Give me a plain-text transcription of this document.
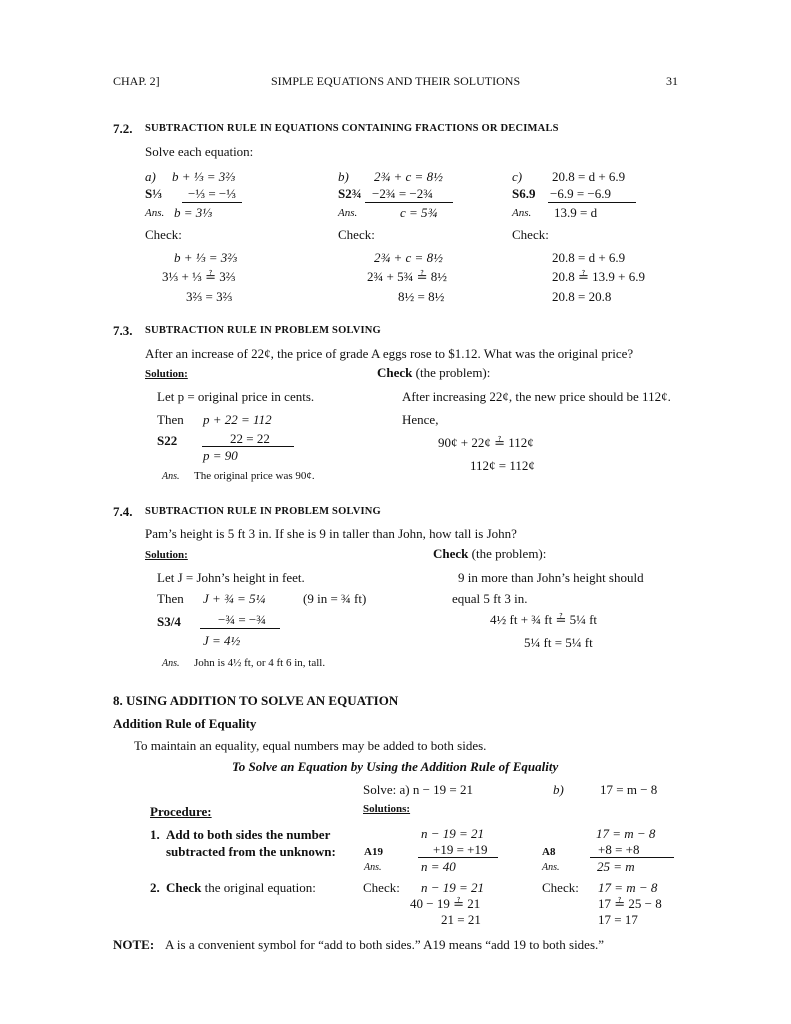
CHAP. 2]	SIMPLE EQUATIONS AND THEIR SOLUTIONS	31
7.2. SUBTRACTION RULE IN EQUATIONS CONTAINING FRACTIONS OR DECIMALS
Solve each equation:
a) b + ⅓ = 3⅔
S⅓ −⅓ = −⅓
Ans. b = 3⅓
Check:
b + ⅓ = 3⅔
3⅓ + ⅓ ≟ 3⅔
3⅔ = 3⅔
b) 2¾ + c = 8½
S2¾ −2¾ = −2¾
Ans.	c = 5¾
Check:
2¾ + c = 8½
2¾ + 5¾ ≟ 8½
8½ = 8½
c) 20.8 = d + 6.9
S6.9 −6.9 = −6.9
Ans. 13.9 = d
Check:
20.8 = d + 6.9
20.8 ≟ 13.9 + 6.9
20.8 = 20.8
7.3. SUBTRACTION RULE IN PROBLEM SOLVING
After an increase of 22¢, the price of grade A eggs rose to $1.12. What was the original price?
Solution:	Check (the problem):
Let p = original price in cents.
Then p + 22 = 112
S22	22 = 22
p = 90
Ans. The original price was 90¢.
After increasing 22¢, the new price should be 112¢.
Hence,
90¢ + 22¢ ≟ 112¢
112¢ = 112¢
7.4. SUBTRACTION RULE IN PROBLEM SOLVING
Pam’s height is 5 ft 3 in. If she is 9 in taller than John, how tall is John?
Solution:	Check (the problem):
Let J = John’s height in feet.
Then J + ¾ = 5¼	(9 in = ¾ ft)
S3/4	−¾ = −¾
J = 4½
Ans. John is 4½ ft, or 4 ft 6 in, tall.
9 in more than John’s height should
equal 5 ft 3 in.
4½ ft + ¾ ft ≟ 5¼ ft
5¼ ft = 5¼ ft
8. USING ADDITION TO SOLVE AN EQUATION
Addition Rule of Equality
To maintain an equality, equal numbers may be added to both sides.
To Solve an Equation by Using the Addition Rule of Equality
Solve: a) n − 19 = 21	b)	17 = m − 8
Procedure:	Solutions:
1. Add to both sides the number
subtracted from the unknown:
n − 19 = 21
A19	+19 = +19
Ans.	n = 40
17 = m − 8
A8	+8 = +8
Ans.	25 = m
2. Check the original equation:	Check: n − 19 = 21
40 − 19 ≟ 21
21 = 21
Check: 17 = m − 8
17 ≟ 25 − 8
17 = 17
NOTE: A is a convenient symbol for “add to both sides.” A19 means “add 19 to both sides.”
